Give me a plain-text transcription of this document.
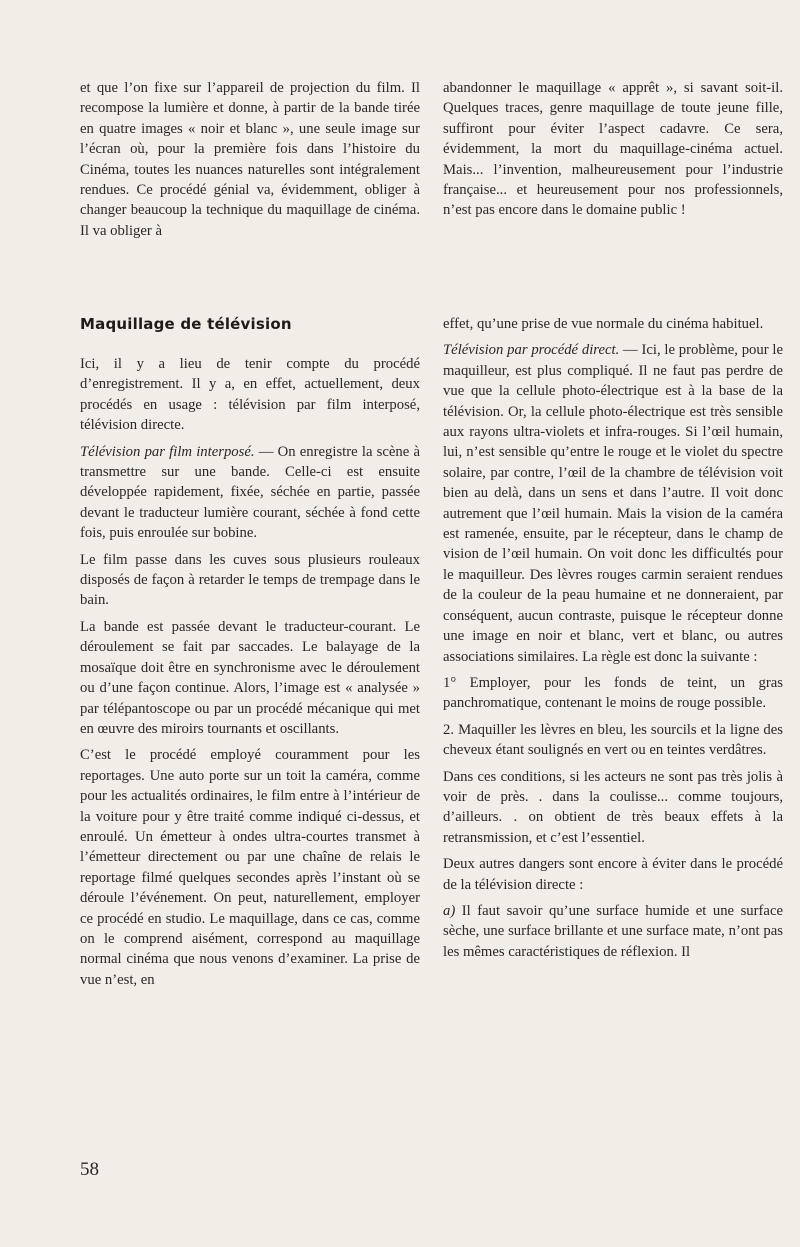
et que l’on fixe sur l’appareil de projection du film. Il recompose la lumière et donne, à partir de la bande tirée en quatre images « noir et blanc », une seule image sur l’écran où, pour la première fois dans l’histoire du Cinéma, toutes les nuances naturelles sont intégralement rendues. Ce procédé génial va, évidemment, obliger à changer beaucoup la technique du maquillage de cinéma. Il va obliger à

abandonner le maquillage « apprêt », si savant soit-il. Quelques traces, genre maquillage de toute jeune fille, suffiront pour éviter l’aspect cadavre. Ce sera, évidemment, la mort du maquillage-cinéma actuel. Mais... l’invention, malheureusement pour l’industrie française... et heureusement pour nos professionnels, n’est pas encore dans le domaine public !

Maquillage de télévision

Ici, il y a lieu de tenir compte du procédé d’enregistrement. Il y a, en effet, actuellement, deux procédés en usage : télévision par film interposé, télévision directe.

Télévision par film interposé. — On enregistre la scène à transmettre sur une bande. Celle-ci est ensuite développée rapidement, fixée, séchée en partie, passée devant le traducteur lumière courant, séchée à fond cette fois, puis enroulée sur bobine.

Le film passe dans les cuves sous plusieurs rouleaux disposés de façon à retarder le temps de trempage dans le bain.

La bande est passée devant le traducteur-courant. Le déroulement se fait par saccades. Le balayage de la mosaïque doit être en synchronisme avec le déroulement ou d’une façon continue. Alors, l’image est « analysée » par télépantoscope ou par un procédé mécanique qui met en œuvre des miroirs tournants et oscillants.

C’est le procédé employé couramment pour les reportages. Une auto porte sur un toit la caméra, comme pour les actualités ordinaires, le film entre à l’intérieur de la voiture pour y être traité comme indiqué ci-dessus, et enroulé. Un émetteur à ondes ultra-courtes transmet à l’émetteur directement ou par une chaîne de relais le reportage filmé quelques secondes après l’instant où se déroule l’événement. On peut, naturellement, employer ce procédé en studio. Le maquillage, dans ce cas, comme on le comprend aisément, correspond au maquillage normal cinéma que nous venons d’examiner. La prise de vue n’est, en

effet, qu’une prise de vue normale du cinéma habituel.

Télévision par procédé direct. — Ici, le problème, pour le maquilleur, est plus compliqué. Il ne faut pas perdre de vue que la cellule photo-électrique est à la base de la télévision. Or, la cellule photo-électrique est très sensible aux rayons ultra-violets et infra-rouges. Si l’œil humain, lui, n’est sensible qu’entre le rouge et le violet du spectre solaire, par contre, l’œil de la chambre de télévision voit bien au delà, dans un sens et dans l’autre. Il voit donc autrement que l’œil humain. Mais la vision de la caméra est ramenée, ensuite, par le récepteur, dans le champ de vision de l’œil humain. On voit donc les difficultés pour le maquilleur. Des lèvres rouges carmin seraient rendues de la couleur de la peau humaine et ne donneraient, par conséquent, aucun contraste, puisque le récepteur donne une image en noir et blanc, vert et blanc, ou autres associations similaires. La règle est donc la suivante :

1° Employer, pour les fonds de teint, un gras panchromatique, contenant le moins de rouge possible.

2. Maquiller les lèvres en bleu, les sourcils et la ligne des cheveux étant soulignés en vert ou en teintes verdâtres.

Dans ces conditions, si les acteurs ne sont pas très jolis à voir de près. . dans la coulisse... comme toujours, d’ailleurs. . on obtient de très beaux effets à la retransmission, et c’est l’essentiel.

Deux autres dangers sont encore à éviter dans le procédé de la télévision directe :

a) Il faut savoir qu’une surface humide et une surface sèche, une surface brillante et une surface mate, n’ont pas les mêmes caractéristiques de réflexion. Il

58
